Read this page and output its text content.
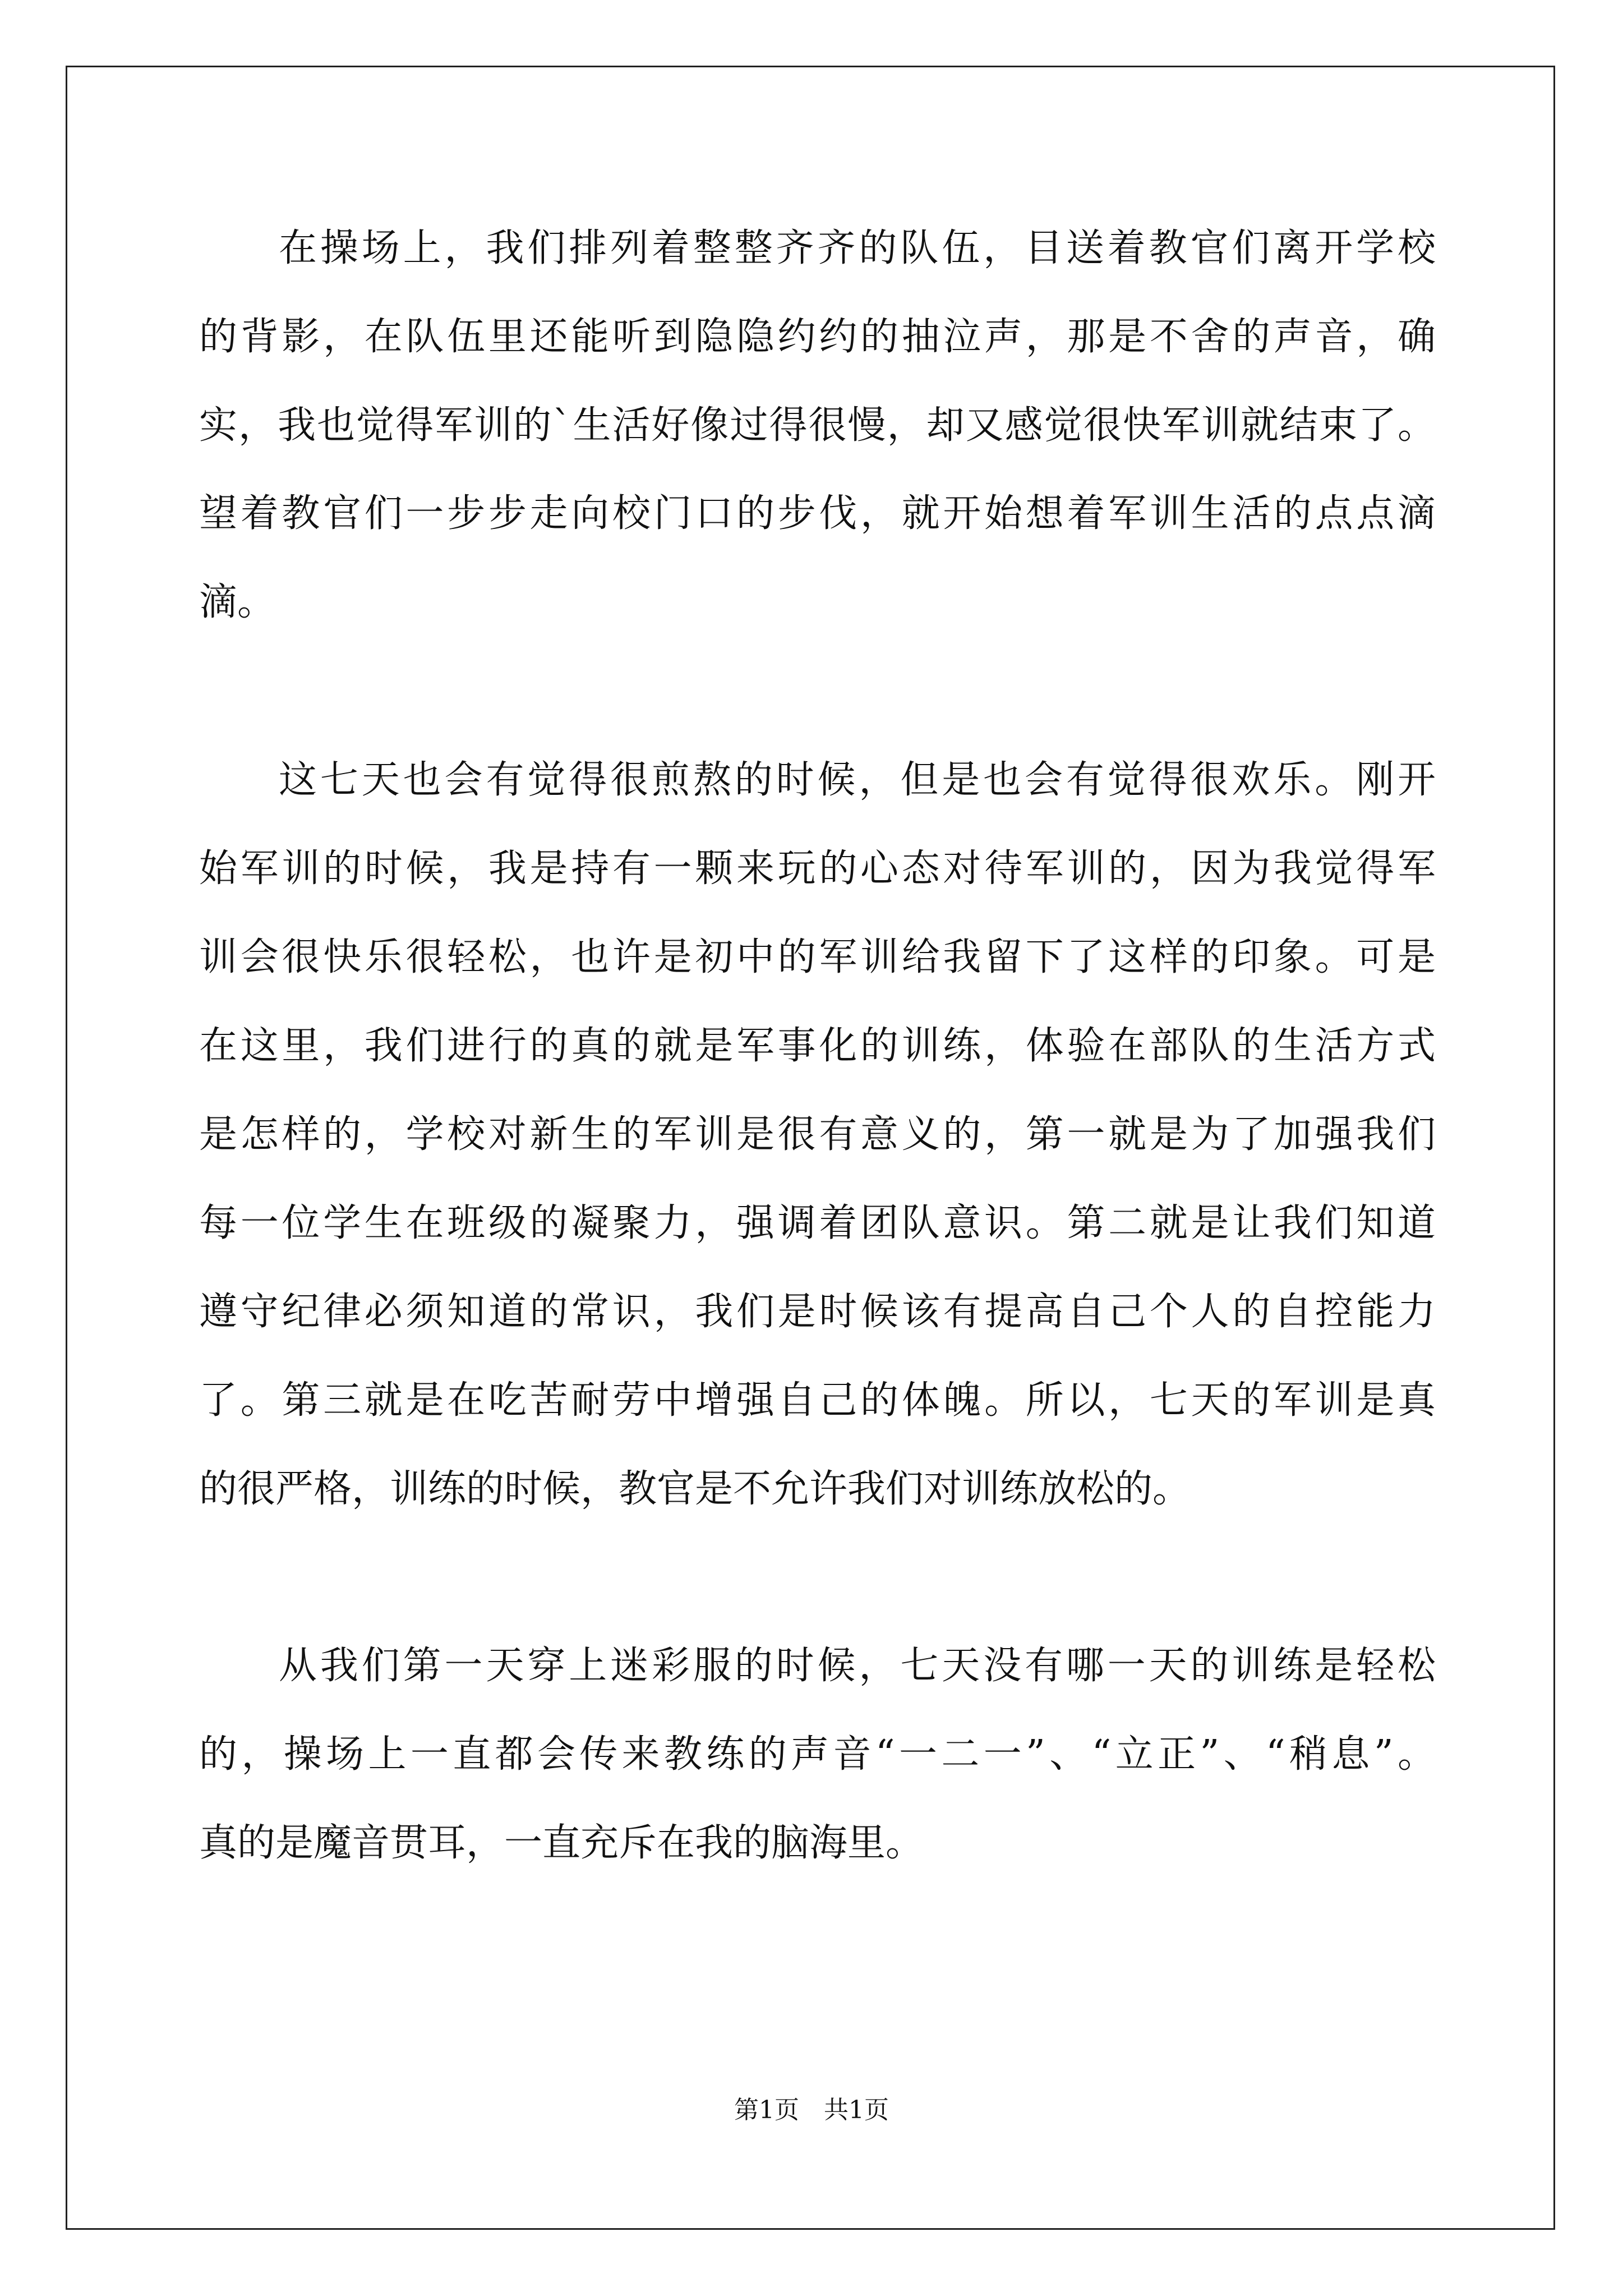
在操场上，我们排列着整整齐齐的队伍，目送着教官们离开学校
的背影，在队伍里还能听到隐隐约约的抽泣声，那是不舍的声音，确
实，我也觉得军训的`生活好像过得很慢，却又感觉很快军训就结束了。
望着教官们一步步走向校门口的步伐，就开始想着军训生活的点点滴
滴。
这七天也会有觉得很煎熬的时候，但是也会有觉得很欢乐。刚开
始军训的时候，我是持有一颗来玩的心态对待军训的，因为我觉得军
训会很快乐很轻松，也许是初中的军训给我留下了这样的印象。可是
在这里，我们进行的真的就是军事化的训练，体验在部队的生活方式
是怎样的，学校对新生的军训是很有意义的，第一就是为了加强我们
每一位学生在班级的凝聚力，强调着团队意识。第二就是让我们知道
遵守纪律必须知道的常识，我们是时候该有提高自己个人的自控能力
了。第三就是在吃苦耐劳中增强自己的体魄。所以，七天的军训是真
的很严格，训练的时候，教官是不允许我们对训练放松的。
从我们第一天穿上迷彩服的时候，七天没有哪一天的训练是轻松
的，操场上一直都会传来教练的声音“一二一”、“立正”、“稍息”。
真的是魔音贯耳，一直充斥在我的脑海里。
第1页　共1页
